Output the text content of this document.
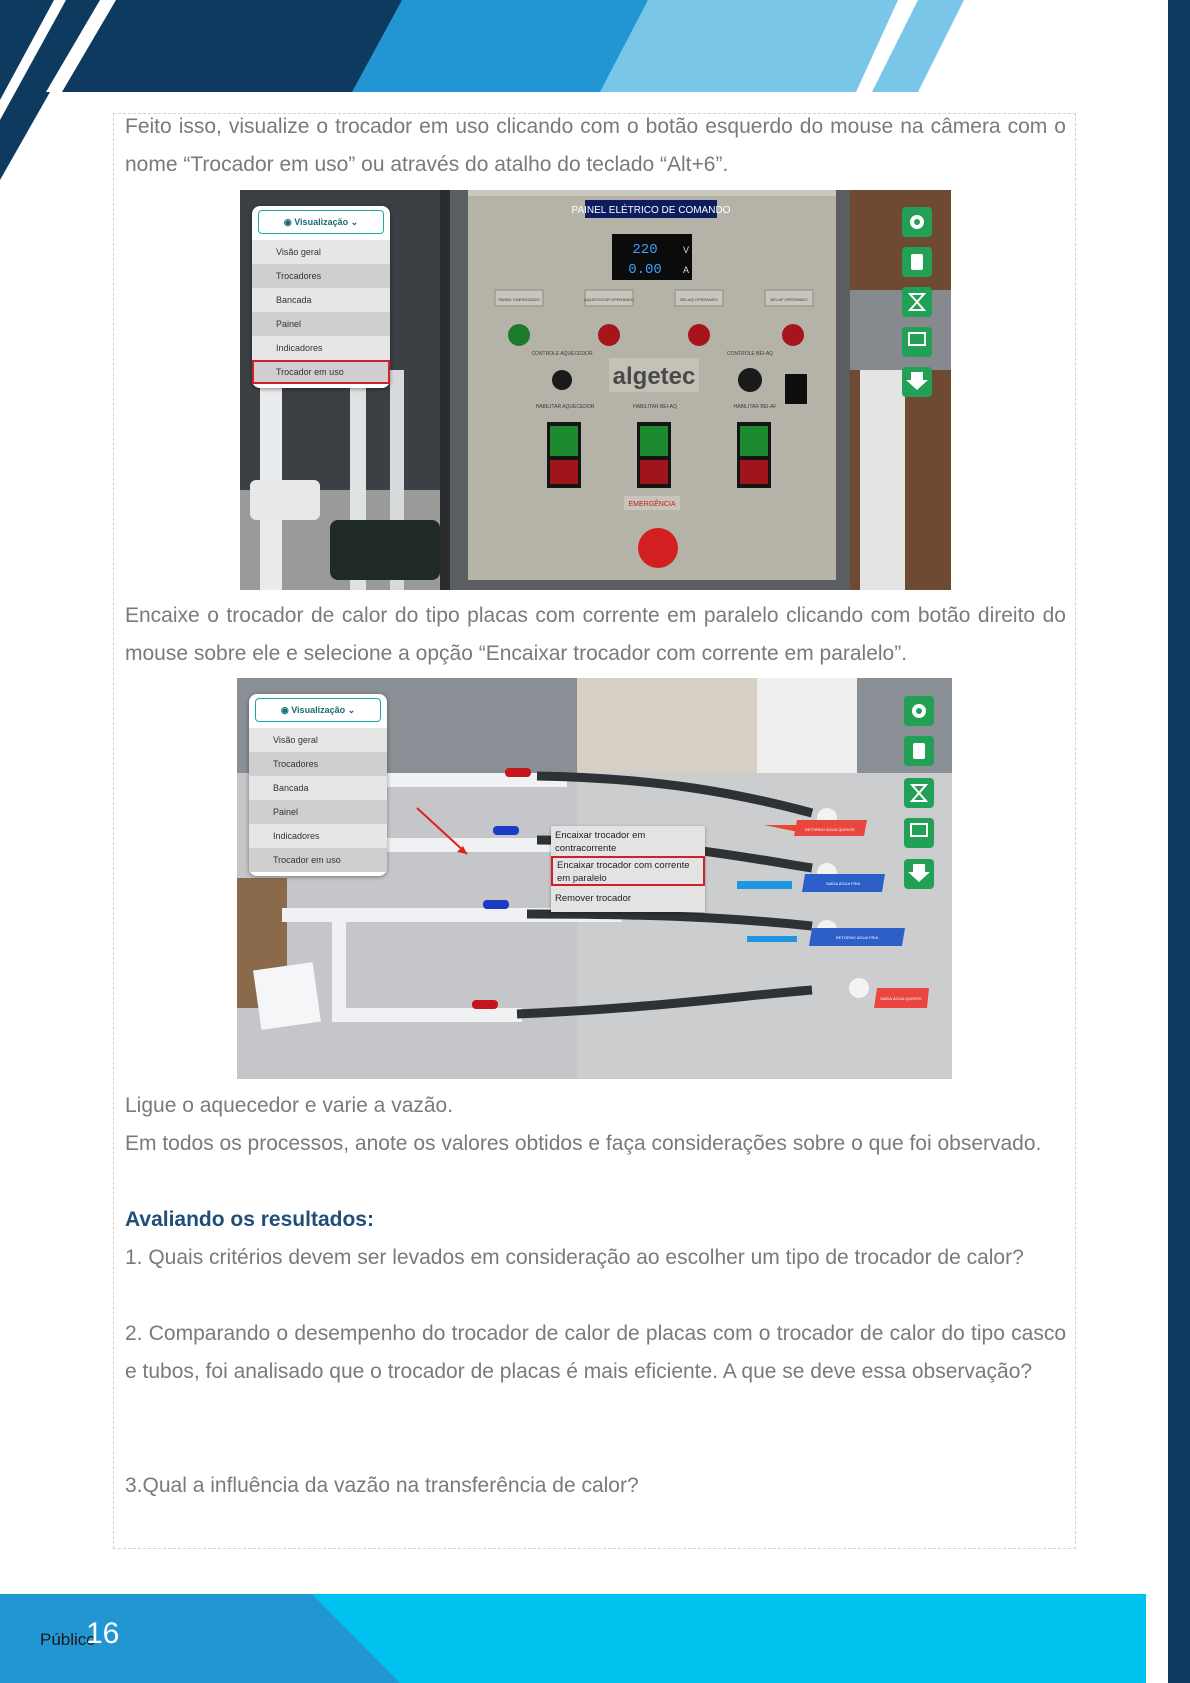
Feito isso, visualize o trocador em uso clicando com o botão esquerdo do mouse na câmera com o nome “Trocador em uso” ou através do atalho do teclado “Alt+6”.

PAINEL ELÉTRICO DE COMANDO
220
0.00
V
A
PAINEL ENERGIZADO	AQUECEDOR OPERANDO	BEI-AQ OPERANDO	BEI-AF OPERANDO
CONTROLE AQUECEDOR	CONTROLE BEI-AQ
algetec
HABILITAR AQUECEDOR	HABILITAR BEI-AQ	HABILITAR BEI-AF
EMERGÊNCIA
◉ Visualização ⌄
Visão geral
Trocadores
Bancada
Painel
Indicadores
Trocador em uso

Encaixe o trocador de calor do tipo placas com corrente em paralelo clicando com botão direito do mouse sobre ele e selecione a opção “Encaixar trocador com corrente em paralelo”.

RETORNO ÁGUA QUENTE
SAÍDA ÁGUA FRIA
RETORNO ÁGUA FRIA
SAÍDA ÁGUA QUENTE
◉ Visualização ⌄
Visão geral
Trocadores
Bancada
Painel
Indicadores
Trocador em uso
Encaixar trocador em contracorrente
Encaixar trocador com corrente em paralelo
Remover trocador

Ligue o aquecedor e varie a vazão.

Em todos os processos, anote os valores obtidos e faça considerações sobre o que foi observado.

Avaliando os resultados:

1. Quais critérios devem ser levados em consideração ao escolher um tipo de trocador de calor?

2. Comparando o desempenho do trocador de calor de placas com o trocador de calor do tipo casco e tubos, foi analisado que o trocador de placas é mais eficiente. A que se deve essa observação?

3.Qual a influência da vazão na transferência de calor?

Público
16
